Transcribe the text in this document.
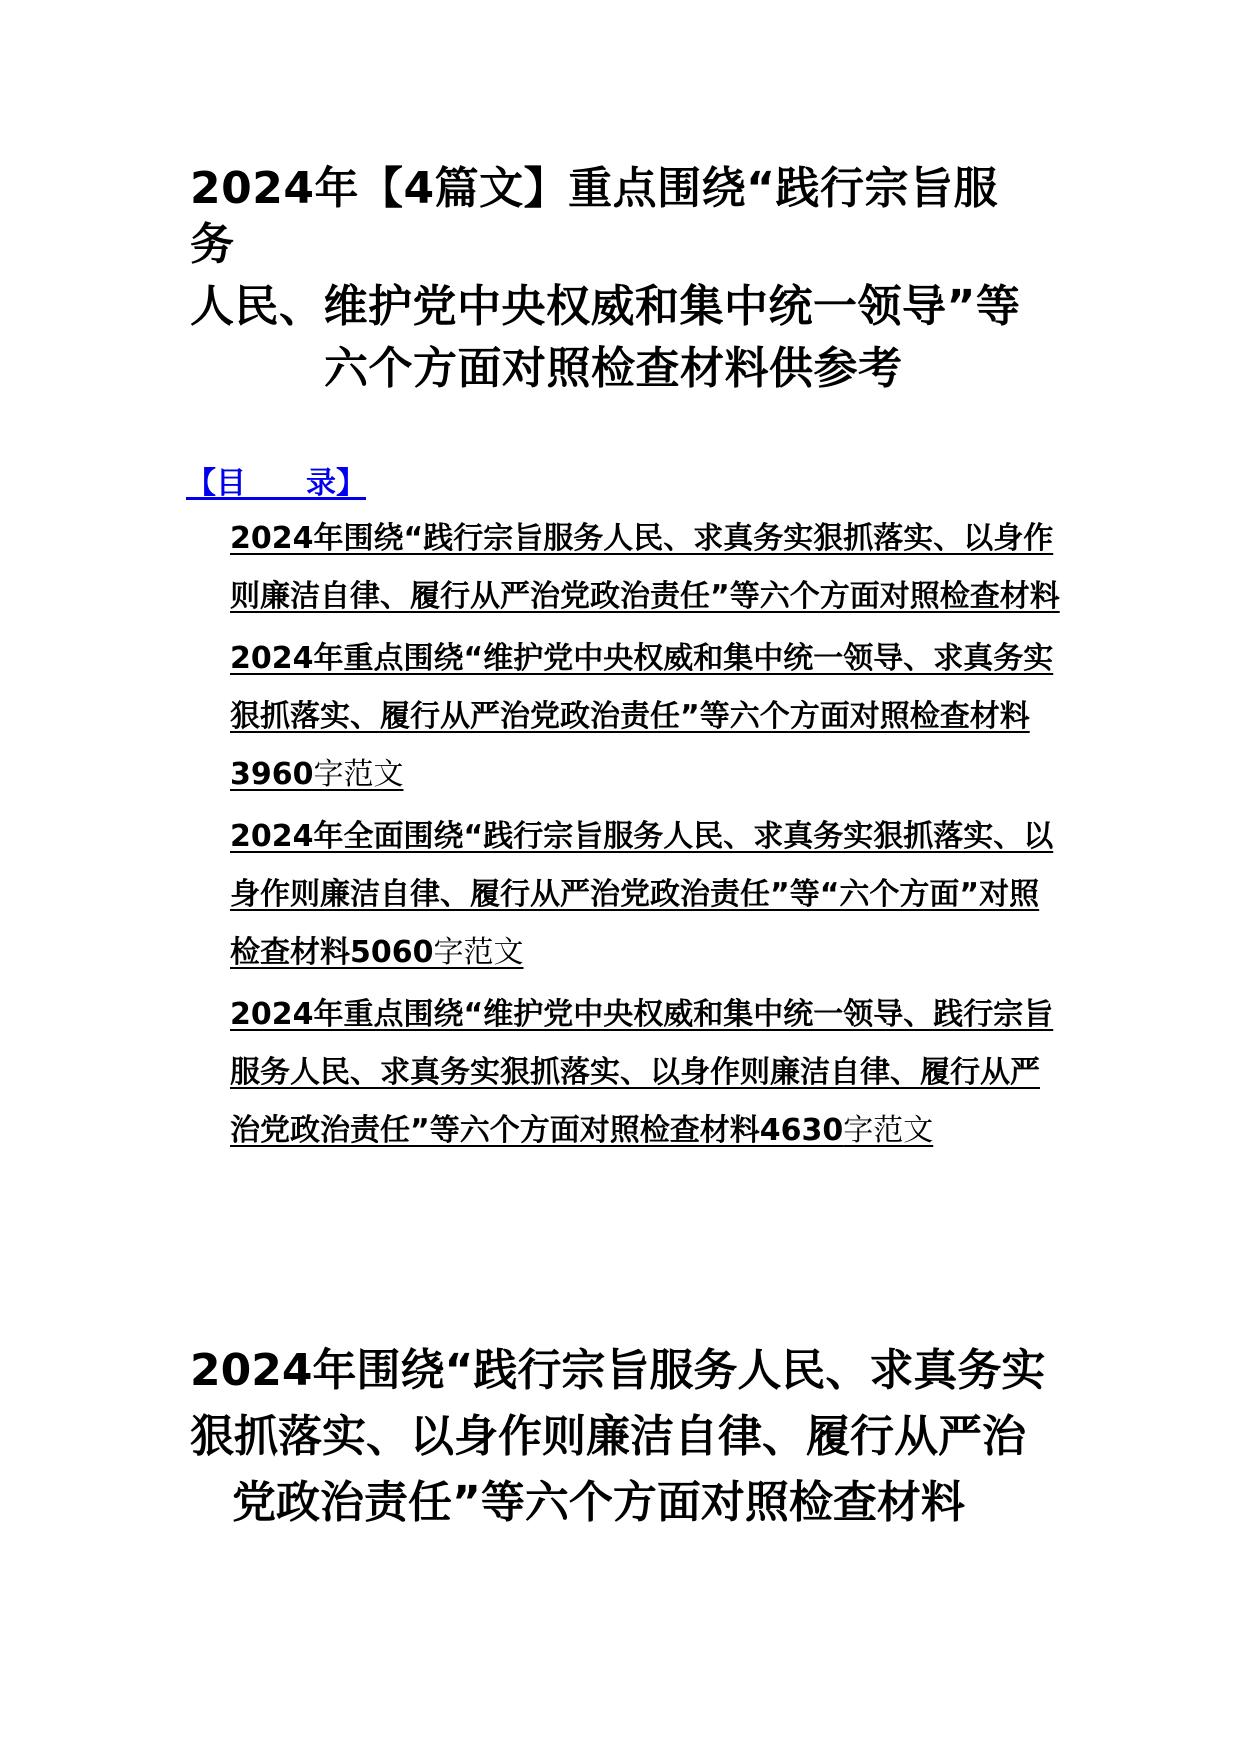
2024年【4篇文】重点围绕“践行宗旨服
务
人民、维护党中央权威和集中统一领导”等
六个方面对照检查材料供参考
【目　　录】
2024年围绕“践行宗旨服务人民、求真务实狠抓落实、以身作则廉洁自律、履行从严治党政治责任”等六个方面对照检查材料
2024年重点围绕“维护党中央权威和集中统一领导、求真务实狠抓落实、履行从严治党政治责任”等六个方面对照检查材料3960字范文
2024年全面围绕“践行宗旨服务人民、求真务实狠抓落实、以身作则廉洁自律、履行从严治党政治责任”等“六个方面”对照检查材料5060字范文
2024年重点围绕“维护党中央权威和集中统一领导、践行宗旨服务人民、求真务实狠抓落实、以身作则廉洁自律、履行从严治党政治责任”等六个方面对照检查材料4630字范文
2024年围绕“践行宗旨服务人民、求真务实
狠抓落实、以身作则廉洁自律、履行从严治
党政治责任”等六个方面对照检查材料
